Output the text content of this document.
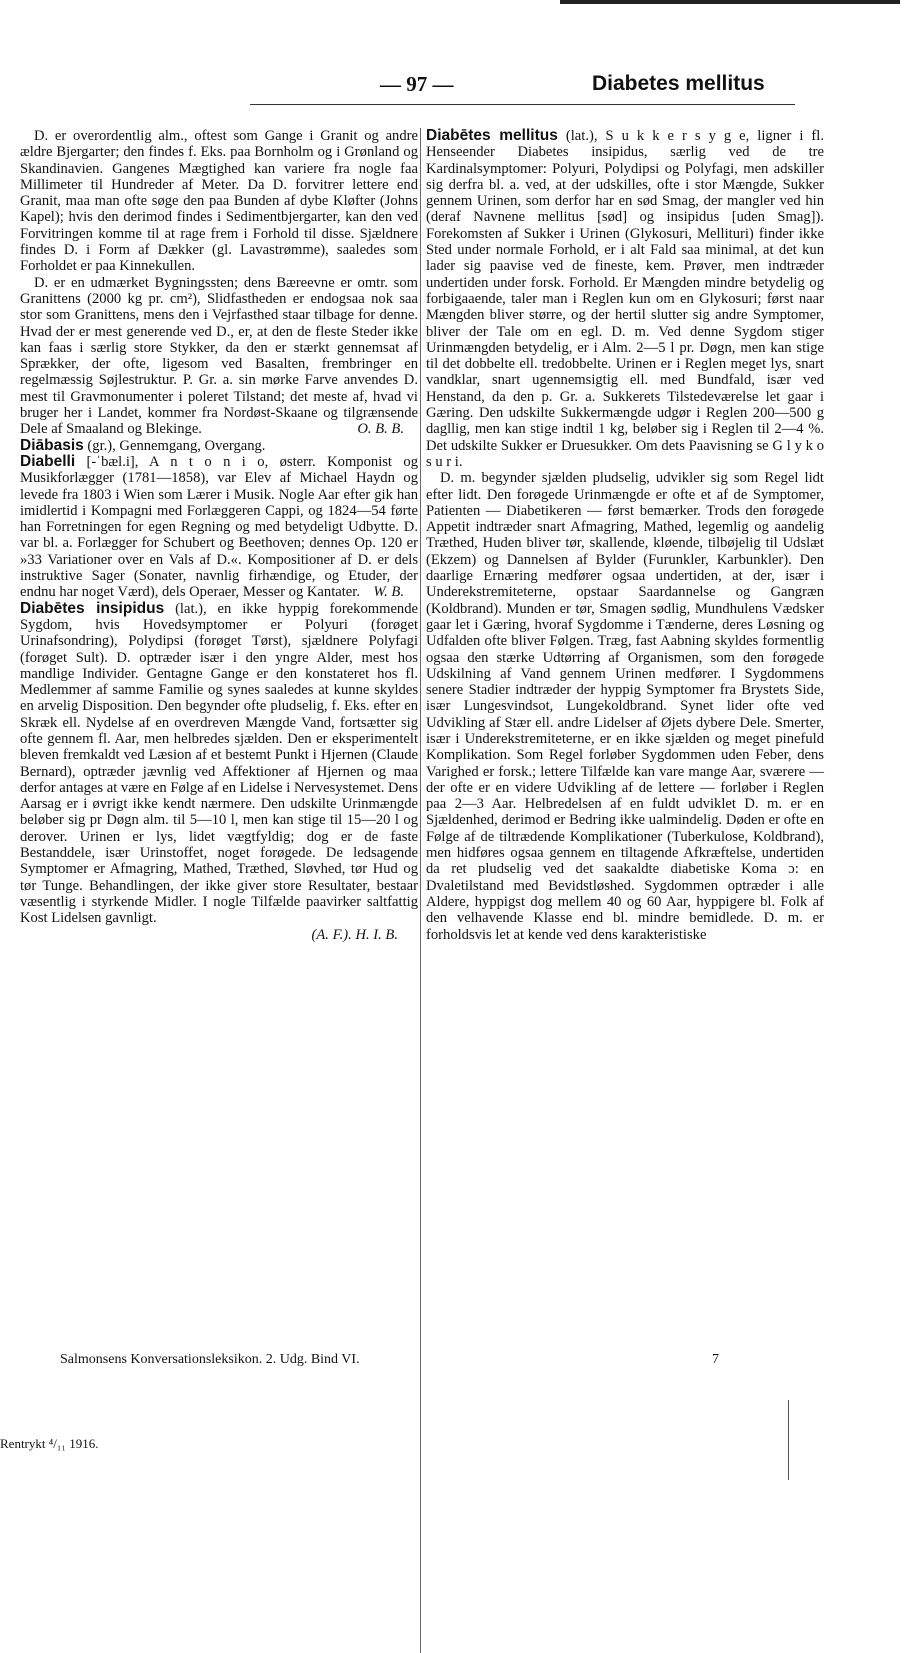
— 97 —	Diabetes mellitus

D. er overordentlig alm., oftest som Gange i Granit og andre ældre Bjergarter; den findes f. Eks. paa Bornholm og i Grønland og Skandinavien. Gangenes Mægtighed kan variere fra nogle faa Millimeter til Hundreder af Meter. Da D. forvitrer lettere end Granit, maa man ofte søge den paa Bunden af dybe Kløfter (Johns Kapel); hvis den derimod findes i Sedimentbjergarter, kan den ved Forvitringen komme til at rage frem i Forhold til disse. Sjældnere findes D. i Form af Dækker (gl. Lavastrømme), saaledes som Forholdet er paa Kinnekullen.

D. er en udmærket Bygningssten; dens Bæreevne er omtr. som Granittens (2000 kg pr. cm²), Slidfastheden er endogsaa nok saa stor som Granittens, mens den i Vejrfasthed staar tilbage for denne. Hvad der er mest generende ved D., er, at den de fleste Steder ikke kan faas i særlig store Stykker, da den er stærkt gennemsat af Sprækker, der ofte, ligesom ved Basalten, frembringer en regelmæssig Søjlestruktur. P. Gr. a. sin mørke Farve anvendes D. mest til Gravmonumenter i poleret Tilstand; det meste af, hvad vi bruger her i Landet, kommer fra Nordøst-Skaane og tilgrænsende Dele af Smaaland og Blekinge.	O. B. B.

Diābasis (gr.), Gennemgang, Overgang.

Diabelli [-ˈbæl.i], A n t o n i o, østerr. Komponist og Musikforlægger (1781—1858), var Elev af Michael Haydn og levede fra 1803 i Wien som Lærer i Musik. Nogle Aar efter gik han imidlertid i Kompagni med Forlæggeren Cappi, og 1824—54 førte han Forretningen for egen Regning og med betydeligt Udbytte. D. var bl. a. Forlægger for Schubert og Beethoven; dennes Op. 120 er »33 Variationer over en Vals af D.«. Kompositioner af D. er dels instruktive Sager (Sonater, navnlig firhændige, og Etuder, der endnu har noget Værd), dels Operaer, Messer og Kantater. W. B.

Diabētes insipidus (lat.), en ikke hyppig forekommende Sygdom, hvis Hovedsymptomer er Polyuri (forøget Urinafsondring), Polydipsi (forøget Tørst), sjældnere Polyfagi (forøget Sult). D. optræder især i den yngre Alder, mest hos mandlige Individer. Gentagne Gange er den konstateret hos fl. Medlemmer af samme Familie og synes saaledes at kunne skyldes en arvelig Disposition. Den begynder ofte pludselig, f. Eks. efter en Skræk ell. Nydelse af en overdreven Mængde Vand, fortsætter sig ofte gennem fl. Aar, men helbredes sjælden. Den er eksperimentelt bleven fremkaldt ved Læsion af et bestemt Punkt i Hjernen (Claude Bernard), optræder jævnlig ved Affektioner af Hjernen og maa derfor antages at være en Følge af en Lidelse i Nervesystemet. Dens Aarsag er i øvrigt ikke kendt nærmere. Den udskilte Urinmængde beløber sig pr Døgn alm. til 5—10 l, men kan stige til 15—20 l og derover. Urinen er lys, lidet vægtfyldig; dog er de faste Bestanddele, især Urinstoffet, noget forøgede. De ledsagende Symptomer er Afmagring, Mathed, Træthed, Sløvhed, tør Hud og tør Tunge. Behandlingen, der ikke giver store Resultater, bestaar væsentlig i styrkende Midler. I nogle Tilfælde paavirker saltfattig Kost Lidelsen gavnligt.

(A. F.). H. I. B.

Diabētes mellitus (lat.), S u k k e r s y g e, ligner i fl. Henseender Diabetes insipidus, særlig ved de tre Kardinalsymptomer: Polyuri, Polydipsi og Polyfagi, men adskiller sig derfra bl. a. ved, at der udskilles, ofte i stor Mængde, Sukker gennem Urinen, som derfor har en sød Smag, der mangler ved hin (deraf Navnene mellitus [sød] og insipidus [uden Smag]). Forekomsten af Sukker i Urinen (Glykosuri, Mellituri) finder ikke Sted under normale Forhold, er i alt Fald saa minimal, at det kun lader sig paavise ved de fineste, kem. Prøver, men indtræder undertiden under forsk. Forhold. Er Mængden mindre betydelig og forbigaaende, taler man i Reglen kun om en Glykosuri; først naar Mængden bliver større, og der hertil slutter sig andre Symptomer, bliver der Tale om en egl. D. m. Ved denne Sygdom stiger Urinmængden betydelig, er i Alm. 2—5 l pr. Døgn, men kan stige til det dobbelte ell. tredobbelte. Urinen er i Reglen meget lys, snart vandklar, snart ugennemsigtig ell. med Bundfald, især ved Henstand, da den p. Gr. a. Sukkerets Tilstedeværelse let gaar i Gæring. Den udskilte Sukkermængde udgør i Reglen 200—500 g dagllig, men kan stige indtil 1 kg, beløber sig i Reglen til 2—4 %. Det udskilte Sukker er Druesukker. Om dets Paavisning se G l y k o s u r i.

D. m. begynder sjælden pludselig, udvikler sig som Regel lidt efter lidt. Den forøgede Urinmængde er ofte et af de Symptomer, Patienten — Diabetikeren — først bemærker. Trods den forøgede Appetit indtræder snart Afmagring, Mathed, legemlig og aandelig Træthed, Huden bliver tør, skallende, kløende, tilbøjelig til Udslæt (Ekzem) og Dannelsen af Bylder (Furunkler, Karbunkler). Den daarlige Ernæring medfører ogsaa undertiden, at der, især i Underekstremiteterne, opstaar Saardannelse og Gangræn (Koldbrand). Munden er tør, Smagen sødlig, Mundhulens Vædsker gaar let i Gæring, hvoraf Sygdomme i Tænderne, deres Løsning og Udfalden ofte bliver Følgen. Træg, fast Aabning skyldes formentlig ogsaa den stærke Udtørring af Organismen, som den forøgede Udskilning af Vand gennem Urinen medfører. I Sygdommens senere Stadier indtræder der hyppig Symptomer fra Brystets Side, især Lungesvindsot, Lungekoldbrand. Synet lider ofte ved Udvikling af Stær ell. andre Lidelser af Øjets dybere Dele. Smerter, især i Underekstremiteterne, er en ikke sjælden og meget pinefuld Komplikation. Som Regel forløber Sygdommen uden Feber, dens Varighed er forsk.; lettere Tilfælde kan vare mange Aar, sværere — der ofte er en videre Udvikling af de lettere — forløber i Reglen paa 2—3 Aar. Helbredelsen af en fuldt udviklet D. m. er en Sjældenhed, derimod er Bedring ikke ualmindelig. Døden er ofte en Følge af de tiltrædende Komplikationer (Tuberkulose, Koldbrand), men hidføres ogsaa gennem en tiltagende Afkræftelse, undertiden da ret pludselig ved det saakaldte diabetiske Koma ɔ: en Dvaletilstand med Bevidstløshed. Sygdommen optræder i alle Aldere, hyppigst dog mellem 40 og 60 Aar, hyppigere bl. Folk af den velhavende Klasse end bl. mindre bemidlede. D. m. er forholdsvis let at kende ved dens karakteristiske

Salmonsens Konversationsleksikon. 2. Udg. Bind VI.	7
Rentrykt ⁴/₁₁ 1916.
